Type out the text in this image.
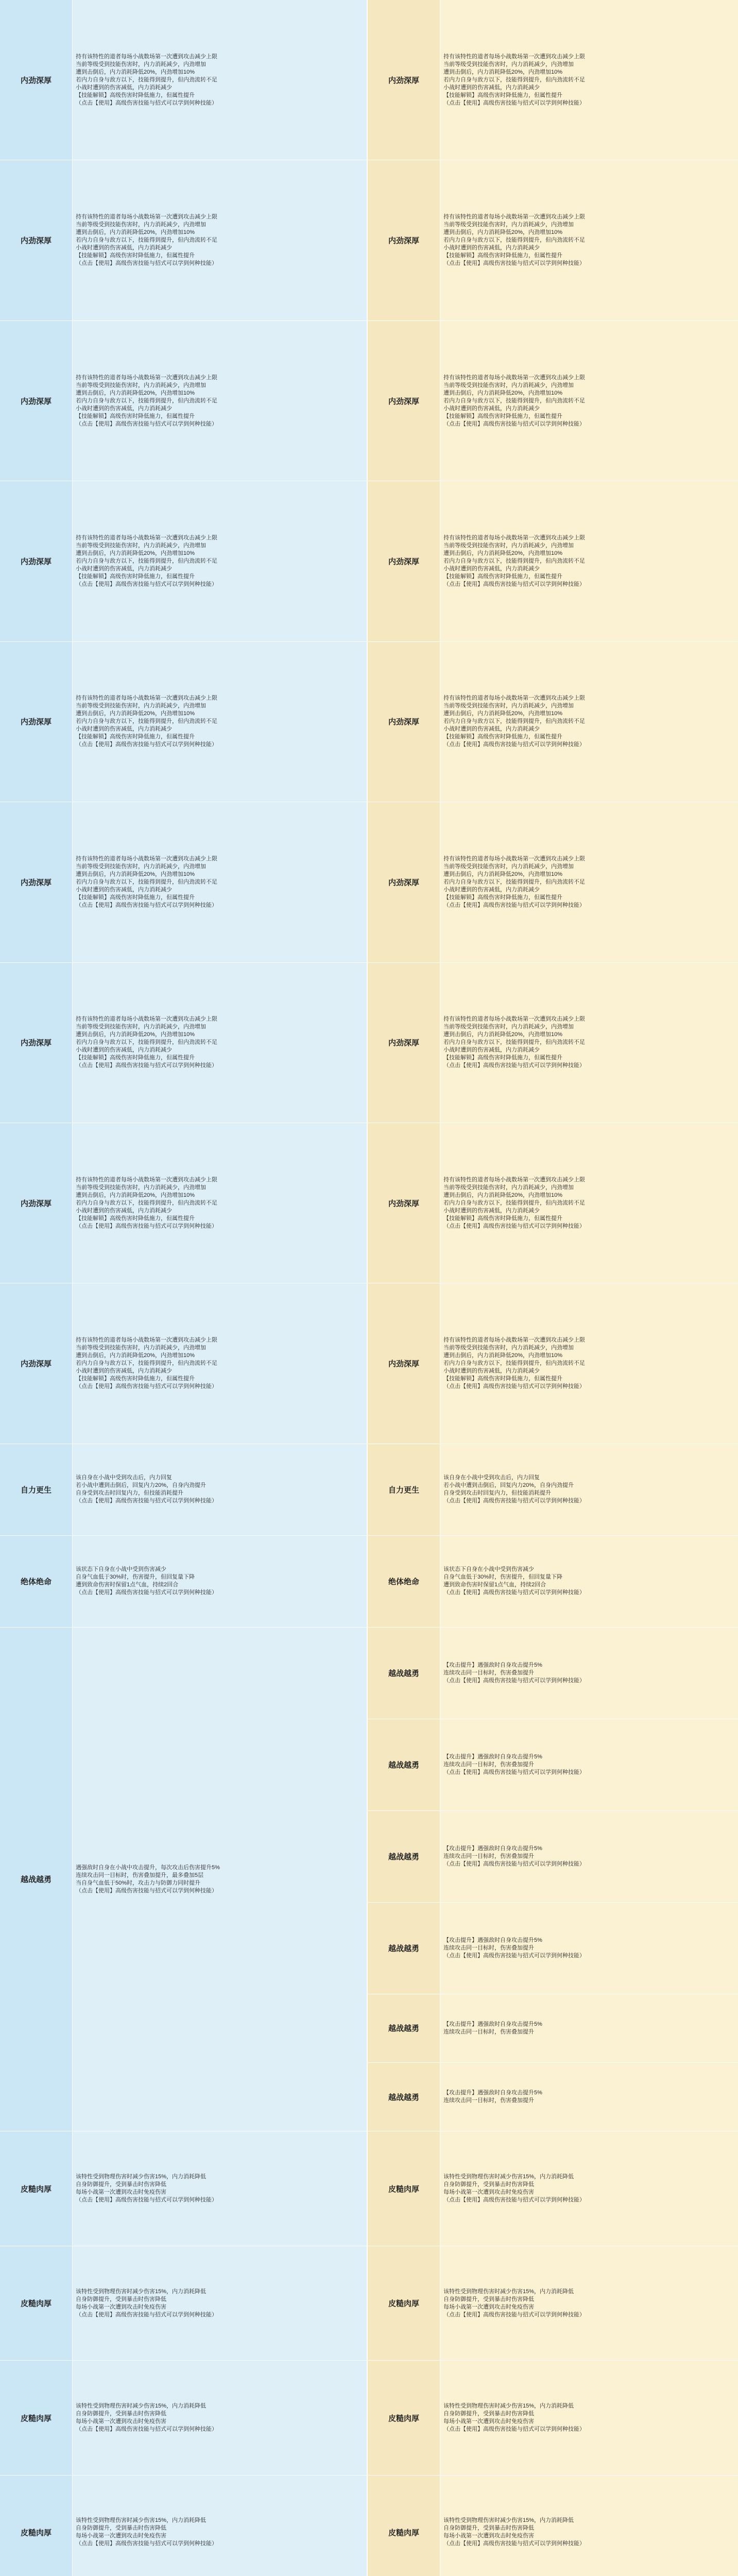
内劲深厚
持有该特性的道者每场小战数场第一次遭到攻击减少上限
当前等级受到技能伤害时，内力消耗减少，内劲增加
遭到击倒后，内力消耗降低20%，内劲增加10%
若内力自身与敌方以下，技能得到提升，但内劲流转不足
小战时遭到的伤害减低，内力消耗减少
【技能解锁】高级伤害时降低施力，但属性提升
（点击【使用】高级伤害技能与招式可以学到何种技能）
内劲深厚
持有该特性的道者每场小战数场第一次遭到攻击减少上限
当前等级受到技能伤害时，内力消耗减少，内劲增加
遭到击倒后，内力消耗降低20%，内劲增加10%
若内力自身与敌方以下，技能得到提升，但内劲流转不足
小战时遭到的伤害减低，内力消耗减少
【技能解锁】高级伤害时降低施力，但属性提升
（点击【使用】高级伤害技能与招式可以学到何种技能）
内劲深厚
持有该特性的道者每场小战数场第一次遭到攻击减少上限
当前等级受到技能伤害时，内力消耗减少，内劲增加
遭到击倒后，内力消耗降低20%，内劲增加10%
若内力自身与敌方以下，技能得到提升，但内劲流转不足
小战时遭到的伤害减低，内力消耗减少
【技能解锁】高级伤害时降低施力，但属性提升
（点击【使用】高级伤害技能与招式可以学到何种技能）
内劲深厚
持有该特性的道者每场小战数场第一次遭到攻击减少上限
当前等级受到技能伤害时，内力消耗减少，内劲增加
遭到击倒后，内力消耗降低20%，内劲增加10%
若内力自身与敌方以下，技能得到提升，但内劲流转不足
小战时遭到的伤害减低，内力消耗减少
【技能解锁】高级伤害时降低施力，但属性提升
（点击【使用】高级伤害技能与招式可以学到何种技能）
内劲深厚
持有该特性的道者每场小战数场第一次遭到攻击减少上限
当前等级受到技能伤害时，内力消耗减少，内劲增加
遭到击倒后，内力消耗降低20%，内劲增加10%
若内力自身与敌方以下，技能得到提升，但内劲流转不足
小战时遭到的伤害减低，内力消耗减少
【技能解锁】高级伤害时降低施力，但属性提升
（点击【使用】高级伤害技能与招式可以学到何种技能）
内劲深厚
持有该特性的道者每场小战数场第一次遭到攻击减少上限
当前等级受到技能伤害时，内力消耗减少，内劲增加
遭到击倒后，内力消耗降低20%，内劲增加10%
若内力自身与敌方以下，技能得到提升，但内劲流转不足
小战时遭到的伤害减低，内力消耗减少
【技能解锁】高级伤害时降低施力，但属性提升
（点击【使用】高级伤害技能与招式可以学到何种技能）
内劲深厚
持有该特性的道者每场小战数场第一次遭到攻击减少上限
当前等级受到技能伤害时，内力消耗减少，内劲增加
遭到击倒后，内力消耗降低20%，内劲增加10%
若内力自身与敌方以下，技能得到提升，但内劲流转不足
小战时遭到的伤害减低，内力消耗减少
【技能解锁】高级伤害时降低施力，但属性提升
（点击【使用】高级伤害技能与招式可以学到何种技能）
内劲深厚
持有该特性的道者每场小战数场第一次遭到攻击减少上限
当前等级受到技能伤害时，内力消耗减少，内劲增加
遭到击倒后，内力消耗降低20%，内劲增加10%
若内力自身与敌方以下，技能得到提升，但内劲流转不足
小战时遭到的伤害减低，内力消耗减少
【技能解锁】高级伤害时降低施力，但属性提升
（点击【使用】高级伤害技能与招式可以学到何种技能）
内劲深厚
持有该特性的道者每场小战数场第一次遭到攻击减少上限
当前等级受到技能伤害时，内力消耗减少，内劲增加
遭到击倒后，内力消耗降低20%，内劲增加10%
若内力自身与敌方以下，技能得到提升，但内劲流转不足
小战时遭到的伤害减低，内力消耗减少
【技能解锁】高级伤害时降低施力，但属性提升
（点击【使用】高级伤害技能与招式可以学到何种技能）
自力更生
该自身在小战中受到攻击后，内力回复
若小战中遭到击倒后，回复内力20%，自身内劲提升
自身受到攻击时回复内力，但技能消耗提升
（点击【使用】高级伤害技能与招式可以学到何种技能）
绝体绝命
该状态下自身在小战中受到伤害减少
自身气血低于30%时，伤害提升，但回复量下降
遭到致命伤害时保留1点气血，持续2回合
（点击【使用】高级伤害技能与招式可以学到何种技能）
越战越勇
遇强敌时自身在小战中攻击提升，每次攻击后伤害提升5%
连续攻击同一目标时，伤害叠加提升，最多叠加5层
当自身气血低于50%时，攻击力与防御力同时提升
（点击【使用】高级伤害技能与招式可以学到何种技能）
皮糙肉厚
该特性受到物理伤害时减少伤害15%，内力消耗降低
自身防御提升，受到暴击时伤害降低
每场小战第一次遭到攻击时免疫伤害
（点击【使用】高级伤害技能与招式可以学到何种技能）
皮糙肉厚
该特性受到物理伤害时减少伤害15%，内力消耗降低
自身防御提升，受到暴击时伤害降低
每场小战第一次遭到攻击时免疫伤害
（点击【使用】高级伤害技能与招式可以学到何种技能）
皮糙肉厚
该特性受到物理伤害时减少伤害15%，内力消耗降低
自身防御提升，受到暴击时伤害降低
每场小战第一次遭到攻击时免疫伤害
（点击【使用】高级伤害技能与招式可以学到何种技能）
皮糙肉厚
该特性受到物理伤害时减少伤害15%，内力消耗降低
自身防御提升，受到暴击时伤害降低
每场小战第一次遭到攻击时免疫伤害
（点击【使用】高级伤害技能与招式可以学到何种技能）
内劲深厚
持有该特性的道者每场小战数场第一次遭到攻击减少上限
当前等级受到技能伤害时，内力消耗减少，内劲增加
遭到击倒后，内力消耗降低20%，内劲增加10%
若内力自身与敌方以下，技能得到提升，但内劲流转不足
小战时遭到的伤害减低，内力消耗减少
【技能解锁】高级伤害时降低施力，但属性提升
（点击【使用】高级伤害技能与招式可以学到何种技能）
内劲深厚
持有该特性的道者每场小战数场第一次遭到攻击减少上限
当前等级受到技能伤害时，内力消耗减少，内劲增加
遭到击倒后，内力消耗降低20%，内劲增加10%
若内力自身与敌方以下，技能得到提升，但内劲流转不足
小战时遭到的伤害减低，内力消耗减少
【技能解锁】高级伤害时降低施力，但属性提升
（点击【使用】高级伤害技能与招式可以学到何种技能）
内劲深厚
持有该特性的道者每场小战数场第一次遭到攻击减少上限
当前等级受到技能伤害时，内力消耗减少，内劲增加
遭到击倒后，内力消耗降低20%，内劲增加10%
若内力自身与敌方以下，技能得到提升，但内劲流转不足
小战时遭到的伤害减低，内力消耗减少
【技能解锁】高级伤害时降低施力，但属性提升
（点击【使用】高级伤害技能与招式可以学到何种技能）
内劲深厚
持有该特性的道者每场小战数场第一次遭到攻击减少上限
当前等级受到技能伤害时，内力消耗减少，内劲增加
遭到击倒后，内力消耗降低20%，内劲增加10%
若内力自身与敌方以下，技能得到提升，但内劲流转不足
小战时遭到的伤害减低，内力消耗减少
【技能解锁】高级伤害时降低施力，但属性提升
（点击【使用】高级伤害技能与招式可以学到何种技能）
内劲深厚
持有该特性的道者每场小战数场第一次遭到攻击减少上限
当前等级受到技能伤害时，内力消耗减少，内劲增加
遭到击倒后，内力消耗降低20%，内劲增加10%
若内力自身与敌方以下，技能得到提升，但内劲流转不足
小战时遭到的伤害减低，内力消耗减少
【技能解锁】高级伤害时降低施力，但属性提升
（点击【使用】高级伤害技能与招式可以学到何种技能）
内劲深厚
持有该特性的道者每场小战数场第一次遭到攻击减少上限
当前等级受到技能伤害时，内力消耗减少，内劲增加
遭到击倒后，内力消耗降低20%，内劲增加10%
若内力自身与敌方以下，技能得到提升，但内劲流转不足
小战时遭到的伤害减低，内力消耗减少
【技能解锁】高级伤害时降低施力，但属性提升
（点击【使用】高级伤害技能与招式可以学到何种技能）
内劲深厚
持有该特性的道者每场小战数场第一次遭到攻击减少上限
当前等级受到技能伤害时，内力消耗减少，内劲增加
遭到击倒后，内力消耗降低20%，内劲增加10%
若内力自身与敌方以下，技能得到提升，但内劲流转不足
小战时遭到的伤害减低，内力消耗减少
【技能解锁】高级伤害时降低施力，但属性提升
（点击【使用】高级伤害技能与招式可以学到何种技能）
内劲深厚
持有该特性的道者每场小战数场第一次遭到攻击减少上限
当前等级受到技能伤害时，内力消耗减少，内劲增加
遭到击倒后，内力消耗降低20%，内劲增加10%
若内力自身与敌方以下，技能得到提升，但内劲流转不足
小战时遭到的伤害减低，内力消耗减少
【技能解锁】高级伤害时降低施力，但属性提升
（点击【使用】高级伤害技能与招式可以学到何种技能）
内劲深厚
持有该特性的道者每场小战数场第一次遭到攻击减少上限
当前等级受到技能伤害时，内力消耗减少，内劲增加
遭到击倒后，内力消耗降低20%，内劲增加10%
若内力自身与敌方以下，技能得到提升，但内劲流转不足
小战时遭到的伤害减低，内力消耗减少
【技能解锁】高级伤害时降低施力，但属性提升
（点击【使用】高级伤害技能与招式可以学到何种技能）
自力更生
该自身在小战中受到攻击后，内力回复
若小战中遭到击倒后，回复内力20%，自身内劲提升
自身受到攻击时回复内力，但技能消耗提升
（点击【使用】高级伤害技能与招式可以学到何种技能）
绝体绝命
该状态下自身在小战中受到伤害减少
自身气血低于30%时，伤害提升，但回复量下降
遭到致命伤害时保留1点气血，持续2回合
（点击【使用】高级伤害技能与招式可以学到何种技能）
越战越勇
【攻击提升】遇强敌时自身攻击提升5%
连续攻击同一目标时，伤害叠加提升
（点击【使用】高级伤害技能与招式可以学到何种技能）
越战越勇
【攻击提升】遇强敌时自身攻击提升5%
连续攻击同一目标时，伤害叠加提升
（点击【使用】高级伤害技能与招式可以学到何种技能）
越战越勇
【攻击提升】遇强敌时自身攻击提升5%
连续攻击同一目标时，伤害叠加提升
（点击【使用】高级伤害技能与招式可以学到何种技能）
越战越勇
【攻击提升】遇强敌时自身攻击提升5%
连续攻击同一目标时，伤害叠加提升
（点击【使用】高级伤害技能与招式可以学到何种技能）
越战越勇
【攻击提升】遇强敌时自身攻击提升5%
连续攻击同一目标时，伤害叠加提升
越战越勇
【攻击提升】遇强敌时自身攻击提升5%
连续攻击同一目标时，伤害叠加提升
皮糙肉厚
该特性受到物理伤害时减少伤害15%，内力消耗降低
自身防御提升，受到暴击时伤害降低
每场小战第一次遭到攻击时免疫伤害
（点击【使用】高级伤害技能与招式可以学到何种技能）
皮糙肉厚
该特性受到物理伤害时减少伤害15%，内力消耗降低
自身防御提升，受到暴击时伤害降低
每场小战第一次遭到攻击时免疫伤害
（点击【使用】高级伤害技能与招式可以学到何种技能）
皮糙肉厚
该特性受到物理伤害时减少伤害15%，内力消耗降低
自身防御提升，受到暴击时伤害降低
每场小战第一次遭到攻击时免疫伤害
（点击【使用】高级伤害技能与招式可以学到何种技能）
皮糙肉厚
该特性受到物理伤害时减少伤害15%，内力消耗降低
自身防御提升，受到暴击时伤害降低
每场小战第一次遭到攻击时免疫伤害
（点击【使用】高级伤害技能与招式可以学到何种技能）
